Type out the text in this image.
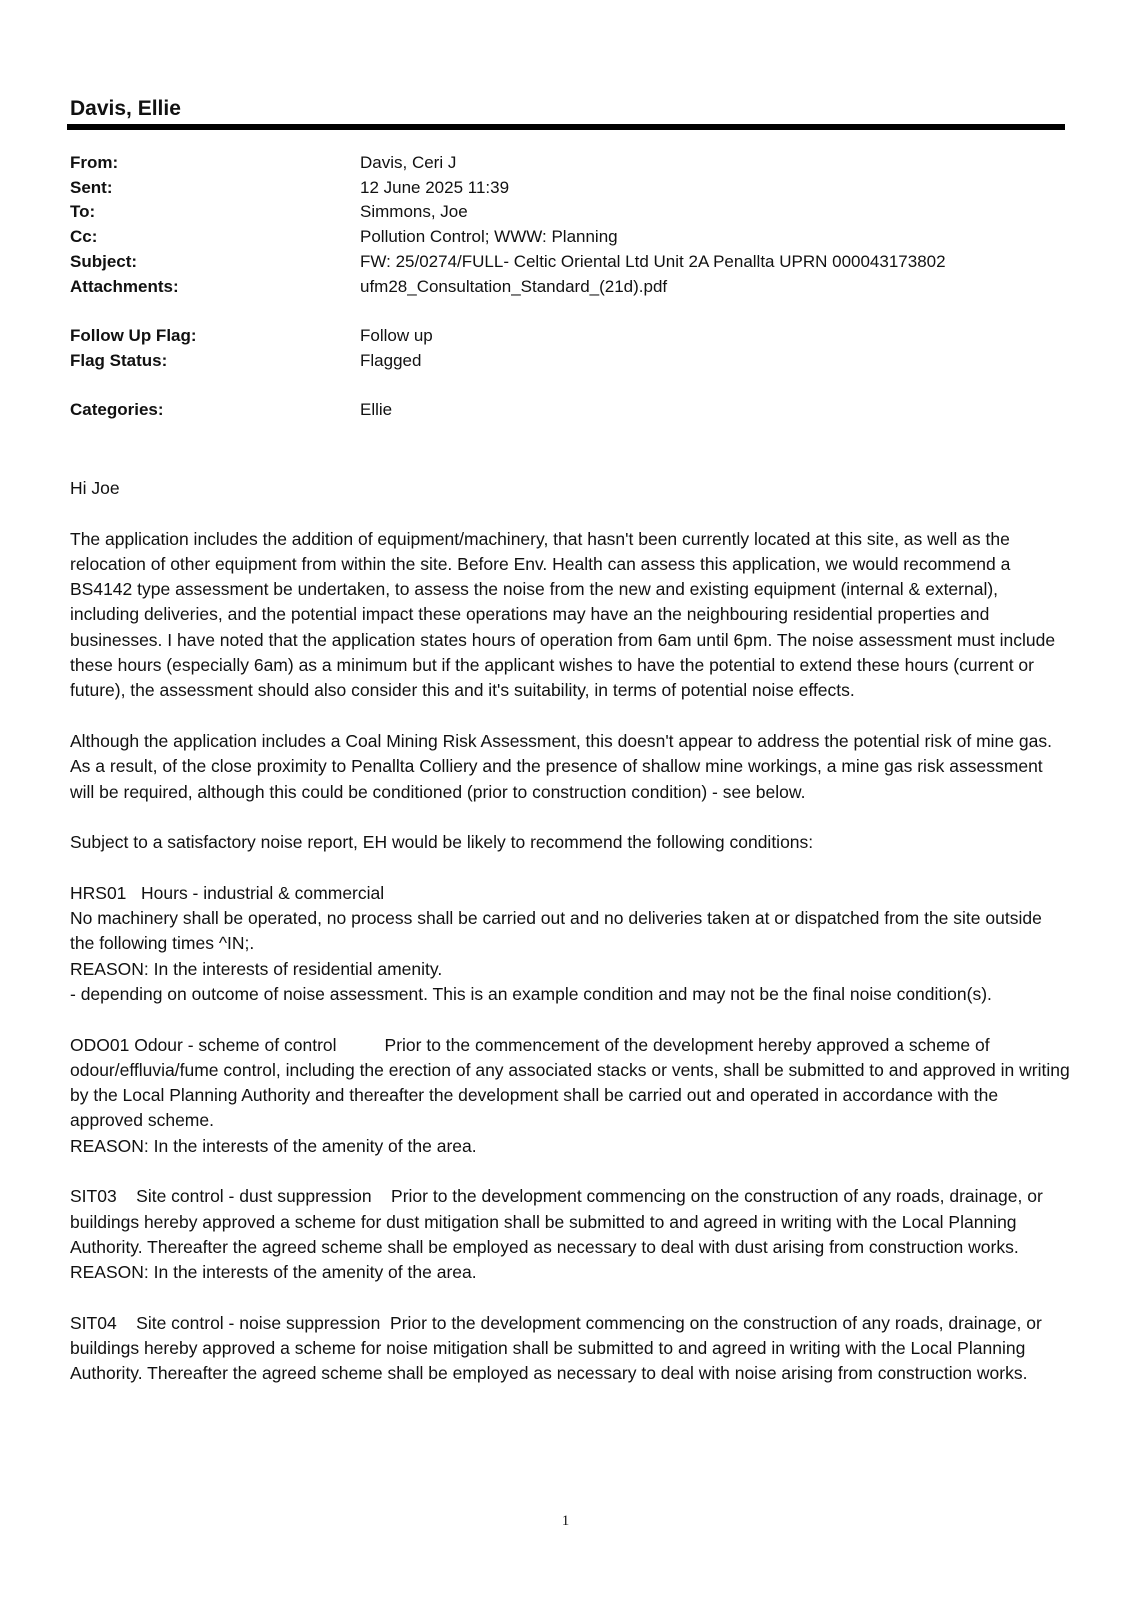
Davis, Ellie
From:	Davis, Ceri J
Sent:	12 June 2025 11:39
To:	Simmons, Joe
Cc:	Pollution Control; WWW: Planning
Subject:	FW: 25/0274/FULL- Celtic Oriental Ltd Unit 2A Penallta UPRN 000043173802
Attachments:	ufm28_Consultation_Standard_(21d).pdf
Follow Up Flag:	Follow up
Flag Status:	Flagged
Categories:	Ellie

Hi Joe

The application includes the addition of equipment/machinery, that hasn't been currently located at this site, as well as the relocation of other equipment from within the site. Before Env. Health can assess this application, we would recommend a BS4142 type assessment be undertaken, to assess the noise from the new and existing equipment (internal & external), including deliveries, and the potential impact these operations may have an the neighbouring residential properties and businesses. I have noted that the application states hours of operation from 6am until 6pm. The noise assessment must include these hours (especially 6am) as a minimum but if the applicant wishes to have the potential to extend these hours (current or future), the assessment should also consider this and it's suitability, in terms of potential noise effects.

Although the application includes a Coal Mining Risk Assessment, this doesn't appear to address the potential risk of mine gas. As a result, of the close proximity to Penallta Colliery and the presence of shallow mine workings, a mine gas risk assessment will be required, although this could be conditioned (prior to construction condition) - see below.

Subject to a satisfactory noise report, EH would be likely to recommend the following conditions:

HRS01 Hours - industrial & commercial

No machinery shall be operated, no process shall be carried out and no deliveries taken at or dispatched from the site outside the following times ^IN;.

REASON: In the interests of residential amenity.

- depending on outcome of noise assessment. This is an example condition and may not be the final noise condition(s).

ODO01 Odour - scheme of control	Prior to the commencement of the development hereby approved a scheme of odour/effluvia/fume control, including the erection of any associated stacks or vents, shall be submitted to and approved in writing by the Local Planning Authority and thereafter the development shall be carried out and operated in accordance with the approved scheme.

REASON: In the interests of the amenity of the area.

SIT03 Site control - dust suppression Prior to the development commencing on the construction of any roads, drainage, or buildings hereby approved a scheme for dust mitigation shall be submitted to and agreed in writing with the Local Planning Authority. Thereafter the agreed scheme shall be employed as necessary to deal with dust arising from construction works.

REASON: In the interests of the amenity of the area.

SIT04 Site control - noise suppression Prior to the development commencing on the construction of any roads, drainage, or buildings hereby approved a scheme for noise mitigation shall be submitted to and agreed in writing with the Local Planning Authority. Thereafter the agreed scheme shall be employed as necessary to deal with noise arising from construction works.

1
